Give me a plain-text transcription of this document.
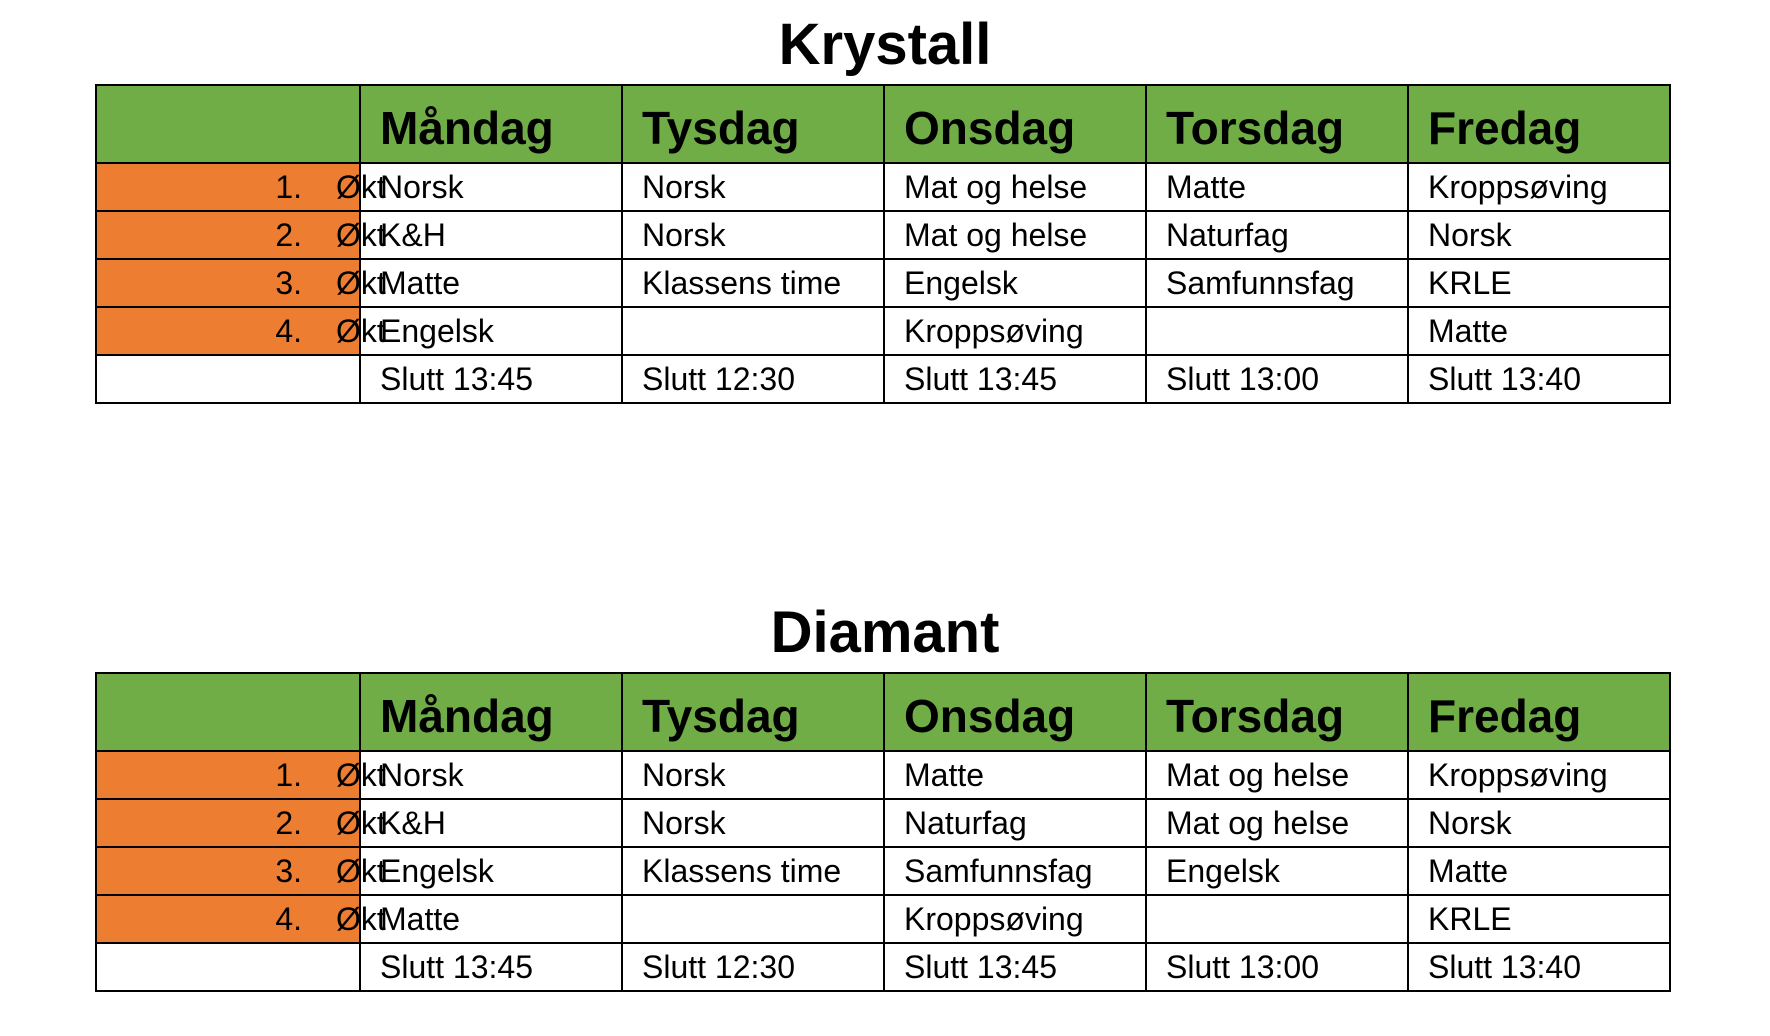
Krystall
	Måndag	Tysdag	Onsdag	Torsdag	Fredag
1. Økt	Norsk	Norsk	Mat og helse	Matte	Kroppsøving
2. Økt	K&H	Norsk	Mat og helse	Naturfag	Norsk
3. Økt	Matte	Klassens time	Engelsk	Samfunnsfag	KRLE
4. Økt	Engelsk		Kroppsøving		Matte
	Slutt 13:45	Slutt 12:30	Slutt 13:45	Slutt 13:00	Slutt 13:40
Diamant
	Måndag	Tysdag	Onsdag	Torsdag	Fredag
1. Økt	Norsk	Norsk	Matte	Mat og helse	Kroppsøving
2. Økt	K&H	Norsk	Naturfag	Mat og helse	Norsk
3. Økt	Engelsk	Klassens time	Samfunnsfag	Engelsk	Matte
4. Økt	Matte		Kroppsøving		KRLE
	Slutt 13:45	Slutt 12:30	Slutt 13:45	Slutt 13:00	Slutt 13:40
